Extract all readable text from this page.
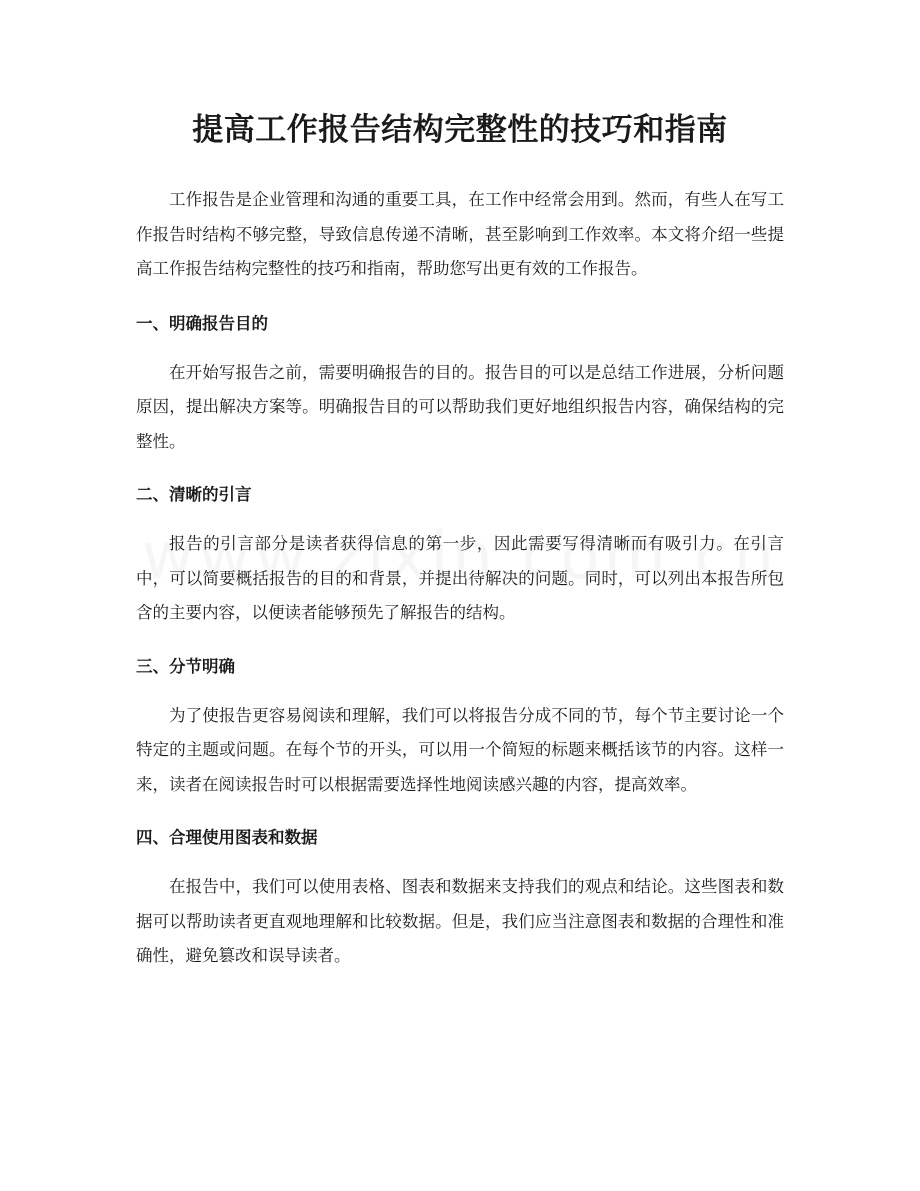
提高工作报告结构完整性的技巧和指南

工作报告是企业管理和沟通的重要工具，在工作中经常会用到。然而，有些人在写工作报告时结构不够完整，导致信息传递不清晰，甚至影响到工作效率。本文将介绍一些提高工作报告结构完整性的技巧和指南，帮助您写出更有效的工作报告。

一、明确报告目的

在开始写报告之前，需要明确报告的目的。报告目的可以是总结工作进展，分析问题原因，提出解决方案等。明确报告目的可以帮助我们更好地组织报告内容，确保结构的完整性。

二、清晰的引言

报告的引言部分是读者获得信息的第一步，因此需要写得清晰而有吸引力。在引言中，可以简要概括报告的目的和背景，并提出待解决的问题。同时，可以列出本报告所包含的主要内容，以便读者能够预先了解报告的结构。

三、分节明确

为了使报告更容易阅读和理解，我们可以将报告分成不同的节，每个节主要讨论一个特定的主题或问题。在每个节的开头，可以用一个简短的标题来概括该节的内容。这样一来，读者在阅读报告时可以根据需要选择性地阅读感兴趣的内容，提高效率。

四、合理使用图表和数据

在报告中，我们可以使用表格、图表和数据来支持我们的观点和结论。这些图表和数据可以帮助读者更直观地理解和比较数据。但是，我们应当注意图表和数据的合理性和准确性，避免篡改和误导读者。
